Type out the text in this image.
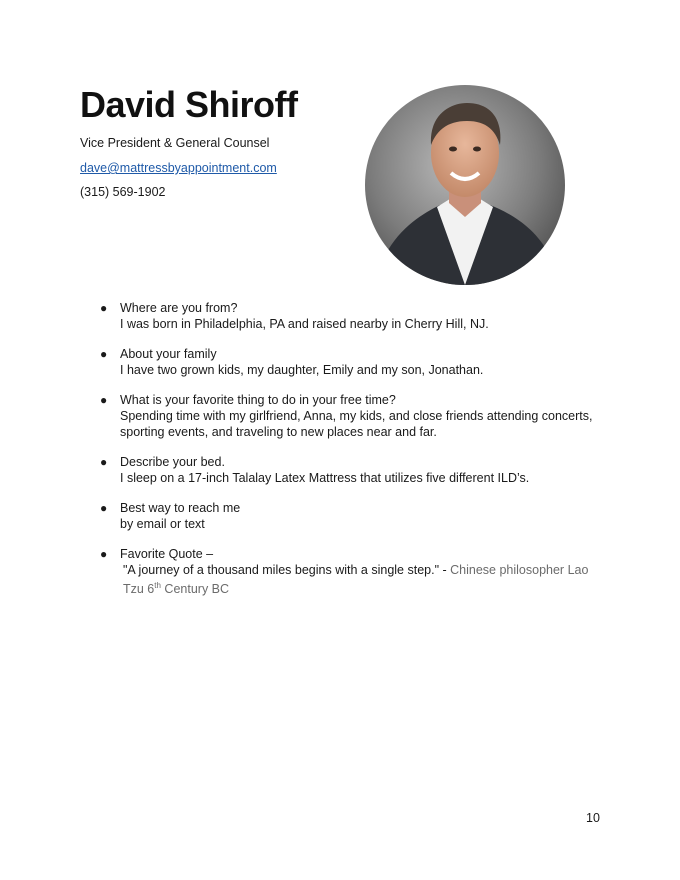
David Shiroff
Vice President & General Counsel
dave@mattressbyappointment.com
(315) 569-1902
● Where are you from?
I was born in Philadelphia, PA and raised nearby in Cherry Hill, NJ.
● About your family
I have two grown kids, my daughter, Emily and my son, Jonathan.
● What is your favorite thing to do in your free time?
Spending time with my girlfriend, Anna, my kids, and close friends attending concerts, sporting events, and traveling to new places near and far.
● Describe your bed.
I sleep on a 17-inch Talalay Latex Mattress that utilizes five different ILD’s.
● Best way to reach me
by email or text
● Favorite Quote –
"A journey of a thousand miles begins with a single step." - Chinese philosopher Lao Tzu 6th Century BC
10
